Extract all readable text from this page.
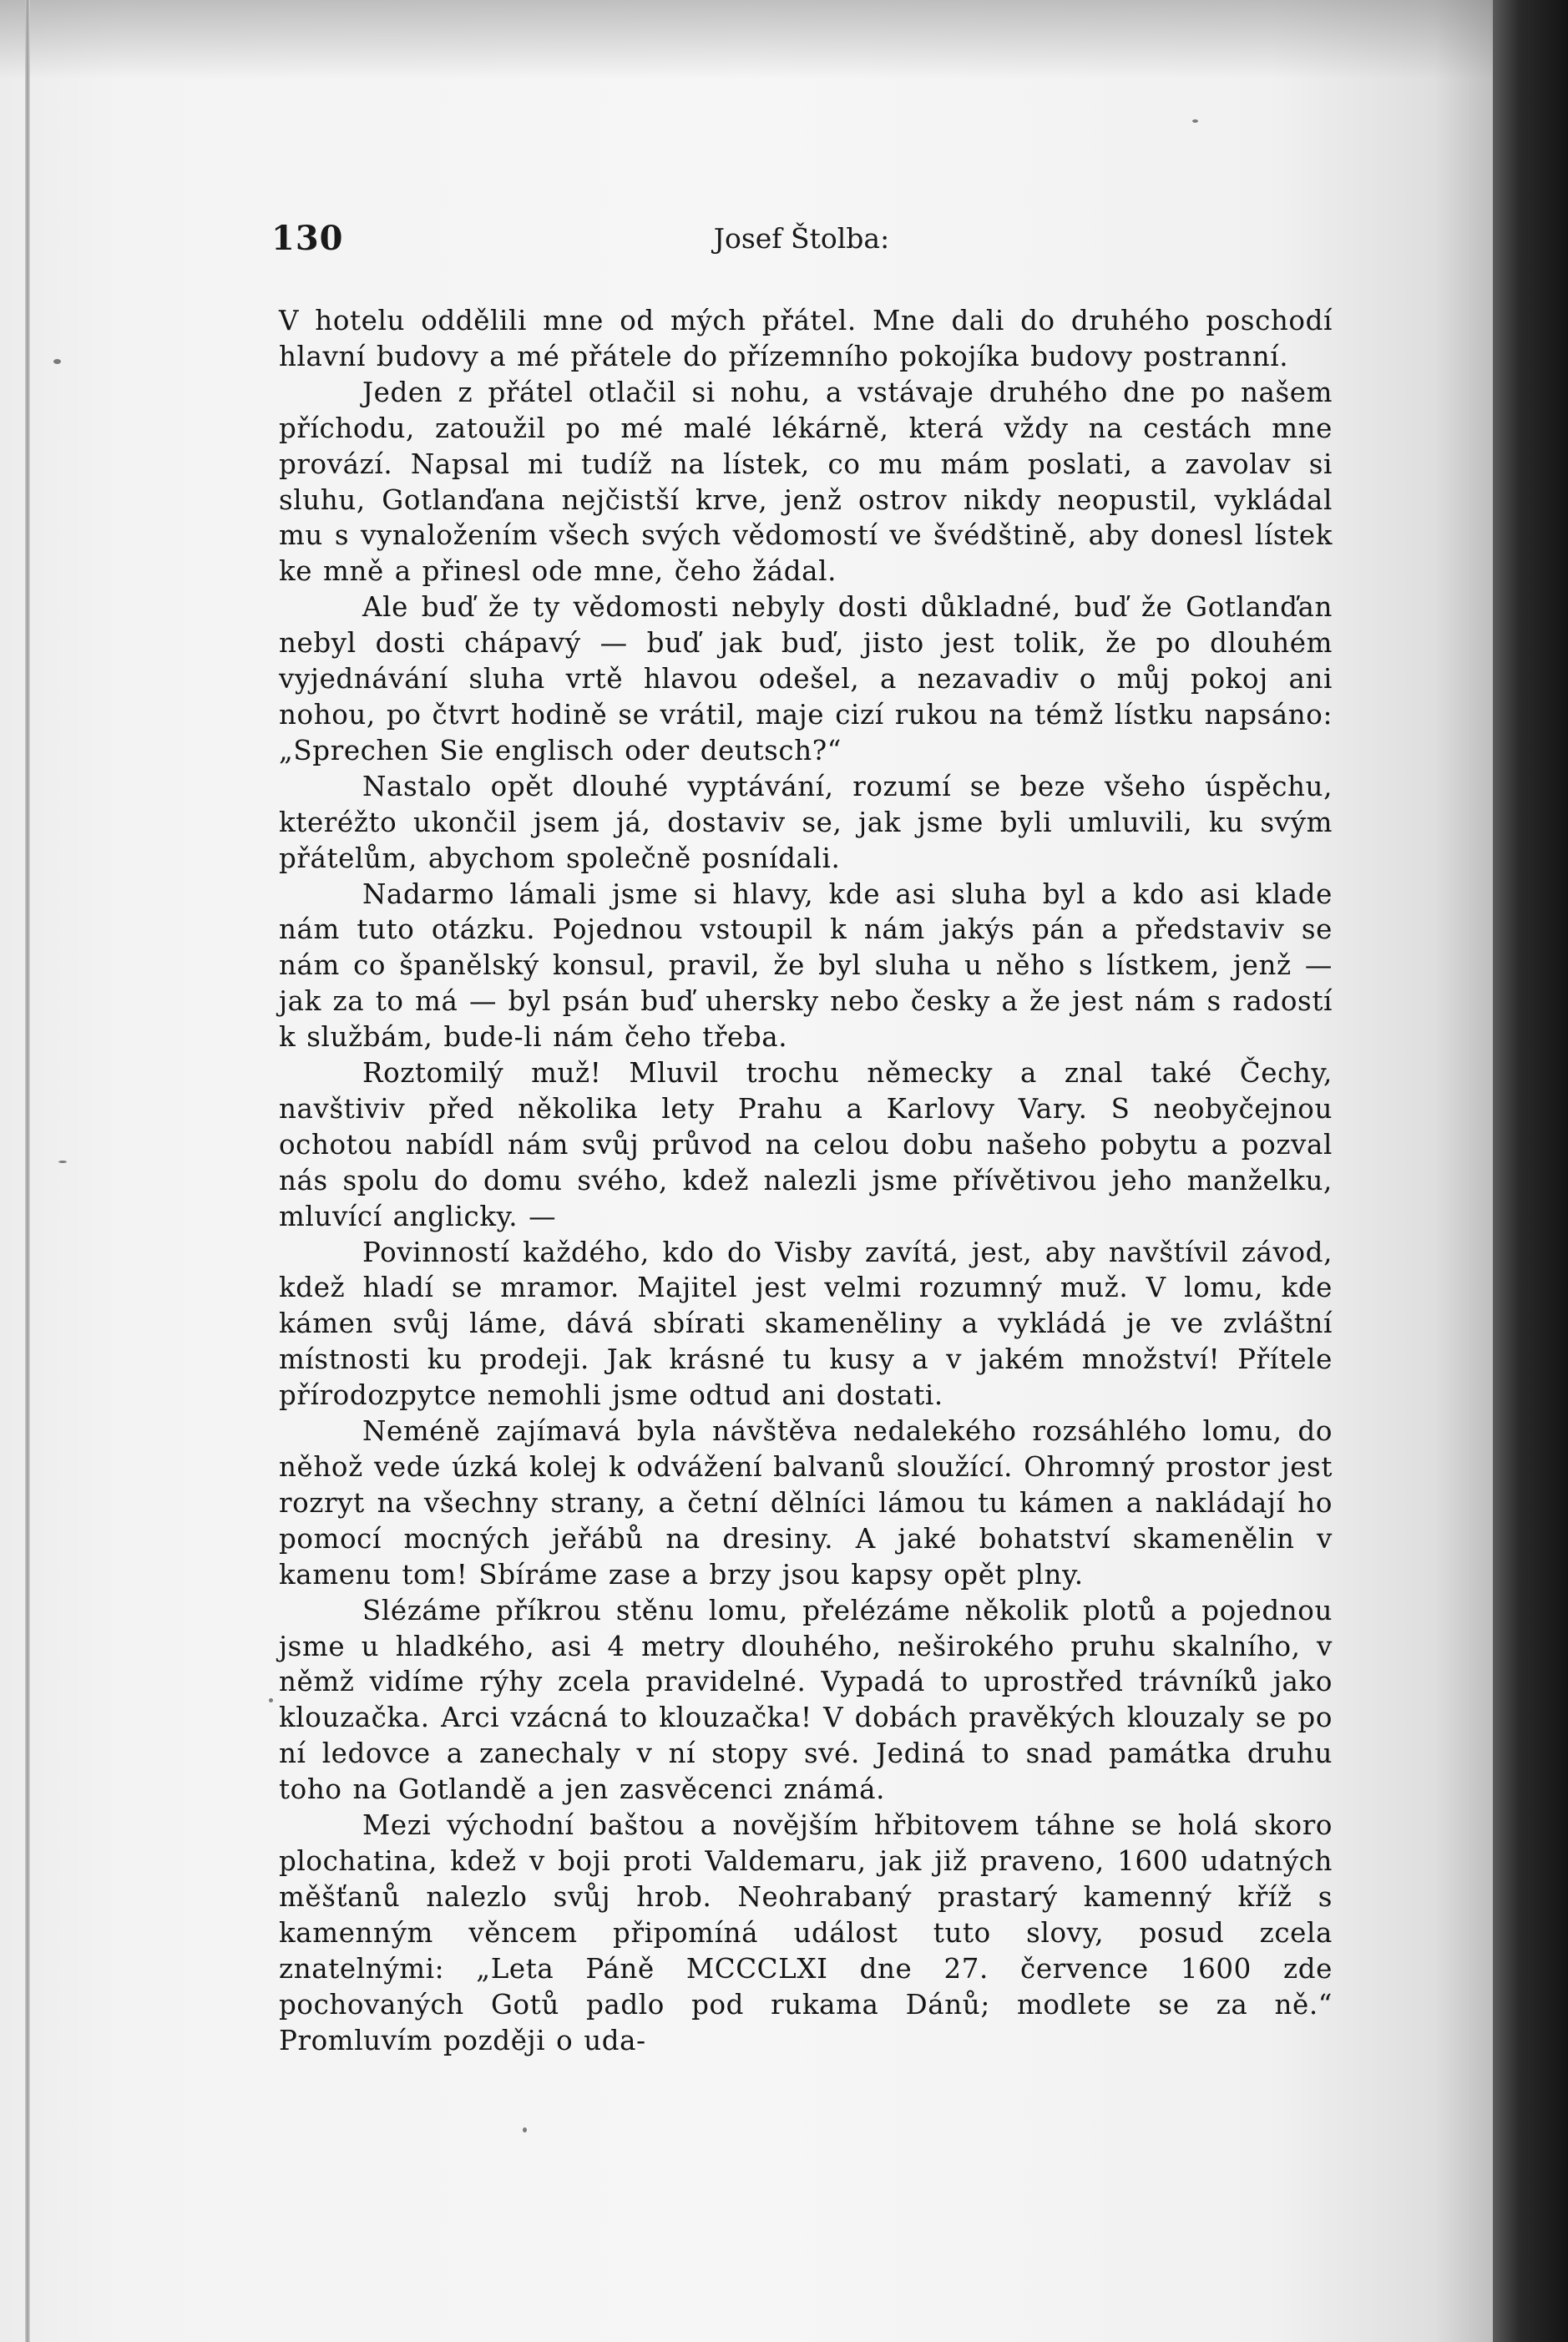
130	Josef Štolba:

V hotelu oddělili mne od mých přátel. Mne dali do druhého poschodí hlavní budovy a mé přátele do přízemního pokojíka budovy postranní.

Jeden z přátel otlačil si nohu, a vstávaje druhého dne po našem příchodu, zatoužil po mé malé lékárně, která vždy na cestách mne provází. Napsal mi tudíž na lístek, co mu mám poslati, a zavolav si sluhu, Gotlanďana nejčistší krve, jenž ostrov nikdy neopustil, vykládal mu s vynaložením všech svých vědomostí ve švédštině, aby donesl lístek ke mně a přinesl ode mne, čeho žádal.

Ale buď že ty vědomosti nebyly dosti důkladné, buď že Gotlanďan nebyl dosti chápavý — buď jak buď, jisto jest tolik, že po dlouhém vyjednávání sluha vrtě hlavou odešel, a nezavadiv o můj pokoj ani nohou, po čtvrt hodině se vrátil, maje cizí rukou na témž lístku napsáno: „Sprechen Sie englisch oder deutsch?“

Nastalo opět dlouhé vyptávání, rozumí se beze všeho úspěchu, kteréžto ukončil jsem já, dostaviv se, jak jsme byli umluvili, ku svým přátelům, abychom společně posnídali.

Nadarmo lámali jsme si hlavy, kde asi sluha byl a kdo asi klade nám tuto otázku. Pojednou vstoupil k nám jakýs pán a představiv se nám co španělský konsul, pravil, že byl sluha u něho s lístkem, jenž — jak za to má — byl psán buď uhersky nebo česky a že jest nám s radostí k službám, bude-li nám čeho třeba.

Roztomilý muž! Mluvil trochu německy a znal také Čechy, navštiviv před několika lety Prahu a Karlovy Vary. S neobyčejnou ochotou nabídl nám svůj průvod na celou dobu našeho pobytu a pozval nás spolu do domu svého, kdež nalezli jsme přívětivou jeho manželku, mluvící anglicky. —

Povinností každého, kdo do Visby zavítá, jest, aby navštívil závod, kdež hladí se mramor. Majitel jest velmi rozumný muž. V lomu, kde kámen svůj láme, dává sbírati skameněliny a vykládá je ve zvláštní místnosti ku prodeji. Jak krásné tu kusy a v jakém množství! Přítele přírodozpytce nemohli jsme odtud ani dostati.

Neméně zajímavá byla návštěva nedalekého rozsáhlého lomu, do něhož vede úzká kolej k odvážení balvanů sloužící. Ohromný prostor jest rozryt na všechny strany, a četní dělníci lámou tu kámen a nakládají ho pomocí mocných jeřábů na dresiny. A jaké bohatství skamenělin v kamenu tom! Sbíráme zase a brzy jsou kapsy opět plny.

Slézáme příkrou stěnu lomu, přelézáme několik plotů a pojednou jsme u hladkého, asi 4 metry dlouhého, neširokého pruhu skalního, v němž vidíme rýhy zcela pravidelné. Vypadá to uprostřed trávníků jako klouzačka. Arci vzácná to klouzačka! V dobách pravěkých klouzaly se po ní ledovce a zanechaly v ní stopy své. Jediná to snad památka druhu toho na Gotlandě a jen zasvěcenci známá.

Mezi východní baštou a novějším hřbitovem táhne se holá skoro plochatina, kdež v boji proti Valdemaru, jak již praveno, 1600 udatných měšťanů nalezlo svůj hrob. Neohrabaný prastarý kamenný kříž s kamenným věncem připomíná událost tuto slovy, posud zcela znatelnými: „Leta Páně MCCCLXI dne 27. července 1600 zde pochovaných Gotů padlo pod rukama Dánů; modlete se za ně.“ Promluvím později o uda-
